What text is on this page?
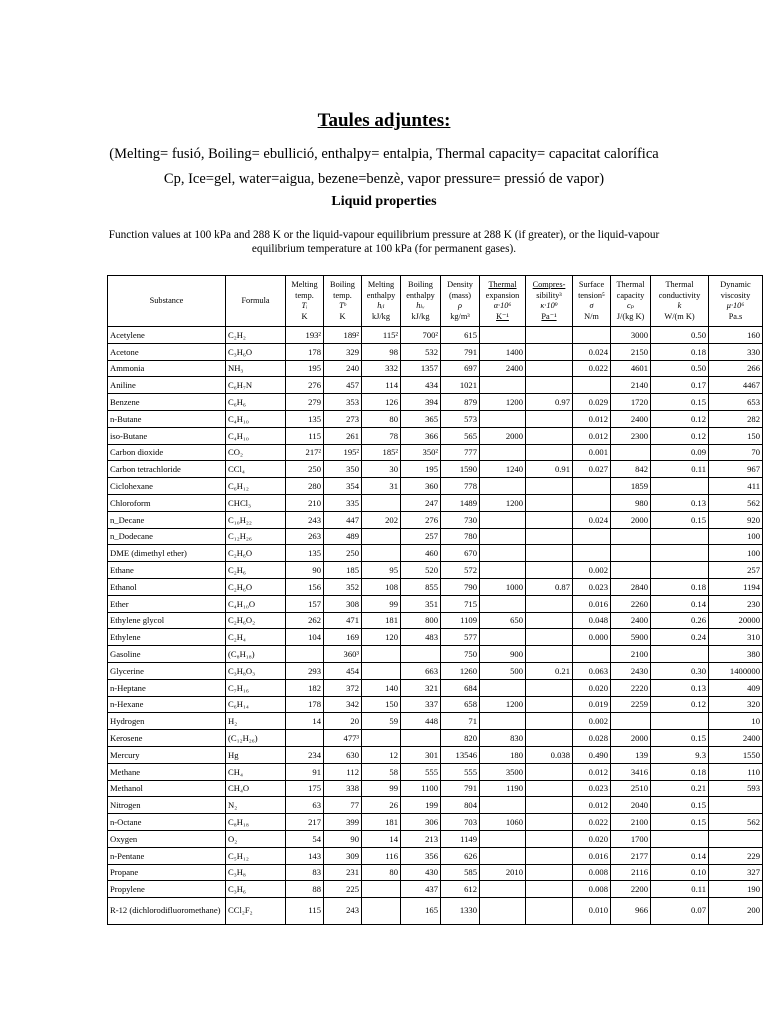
Taules adjuntes:
(Melting= fusió, Boiling= ebullició, enthalpy= entalpia, Thermal capacity= capacitat calorífica Cp, Ice=gel, water=aigua, bezene=benzè, vapor pressure= pressió de vapor)
Liquid properties
Function values at 100 kPa and 288 K or the liquid-vapour equilibrium pressure at 288 K (if greater), or the liquid-vapour equilibrium temperature at 100 kPa (for permanent gases).
Substance	Formula	Melting
temp.
Tᵢ
K	Boiling
temp.
Tᵇ
K	Melting
enthalpy
hᵢₗ
kJ/kg	Boiling
enthalpy
hₗᵥ
kJ/kg	Density
(mass)
ρ
kg/m³	Thermal
expansion
α·10⁶
K⁻¹	Compres-
sibility³
κ·10⁹
Pa⁻¹	Surface
tension⁵
σ
N/m	Thermal
capacity
cₚ
J/(kg K)	Thermal
conductivity
k
W/(m K)	Dynamic
viscosity
μ·10⁶
Pa.s

Acetylene	C₂H₂	193²	189²	115²	700²	615				3000	0.50	160
Acetone	C₃H₆O	178	329	98	532	791	1400		0.024	2150	0.18	330
Ammonia	NH₃	195	240	332	1357	697	2400		0.022	4601	0.50	266
Aniline	C₆H₇N	276	457	114	434	1021				2140	0.17	4467
Benzene	C₆H₆	279	353	126	394	879	1200	0.97	0.029	1720	0.15	653
n-Butane	C₄H₁₀	135	273	80	365	573			0.012	2400	0.12	282
iso-Butane	C₄H₁₀	115	261	78	366	565	2000		0.012	2300	0.12	150
Carbon dioxide	CO₂	217²	195²	185²	350²	777			0.001		0.09	70
Carbon tetrachloride	CCl₄	250	350	30	195	1590	1240	0.91	0.027	842	0.11	967
Ciclohexane	C₆H₁₂	280	354	31	360	778				1859		411
Chloroform	CHCl₃	210	335		247	1489	1200			980	0.13	562
n_Decane	C₁₀H₂₂	243	447	202	276	730			0.024	2000	0.15	920
n_Dodecane	C₁₂H₂₆	263	489		257	780						100
DME (dimethyl ether)	C₂H₆O	135	250		460	670						100
Ethane	C₂H₆	90	185	95	520	572			0.002			257
Ethanol	C₂H₆O	156	352	108	855	790	1000	0.87	0.023	2840	0.18	1194
Ether	C₄H₁₀O	157	308	99	351	715			0.016	2260	0.14	230
Ethylene glycol	C₂H₆O₂	262	471	181	800	1109	650		0.048	2400	0.26	20000
Ethylene	C₂H₄	104	169	120	483	577			0.000	5900	0.24	310
Gasoline	(C₈H₁₈)		360³			750	900			2100		380
Glycerine	C₃H₈O₃	293	454		663	1260	500	0.21	0.063	2430	0.30	1400000
n-Heptane	C₇H₁₆	182	372	140	321	684			0.020	2220	0.13	409
n-Hexane	C₆H₁₄	178	342	150	337	658	1200		0.019	2259	0.12	320
Hydrogen	H₂	14	20	59	448	71			0.002			10
Kerosene	(C₁₂H₂₆)		477³			820	830		0.028	2000	0.15	2400
Mercury	Hg	234	630	12	301	13546	180	0.038	0.490	139	9.3	1550
Methane	CH₄	91	112	58	555	555	3500		0.012	3416	0.18	110
Methanol	CH₄O	175	338	99	1100	791	1190		0.023	2510	0.21	593
Nitrogen	N₂	63	77	26	199	804			0.012	2040	0.15	
n-Octane	C₈H₁₈	217	399	181	306	703	1060		0.022	2100	0.15	562
Oxygen	O₂	54	90	14	213	1149			0.020	1700		
n-Pentane	C₅H₁₂	143	309	116	356	626			0.016	2177	0.14	229
Propane	C₃H₈	83	231	80	430	585	2010		0.008	2116	0.10	327
Propylene	C₃H₆	88	225		437	612			0.008	2200	0.11	190
R-12 (dichlorodifluoromethane)	CCl₂F₂	115	243		165	1330			0.010	966	0.07	200
